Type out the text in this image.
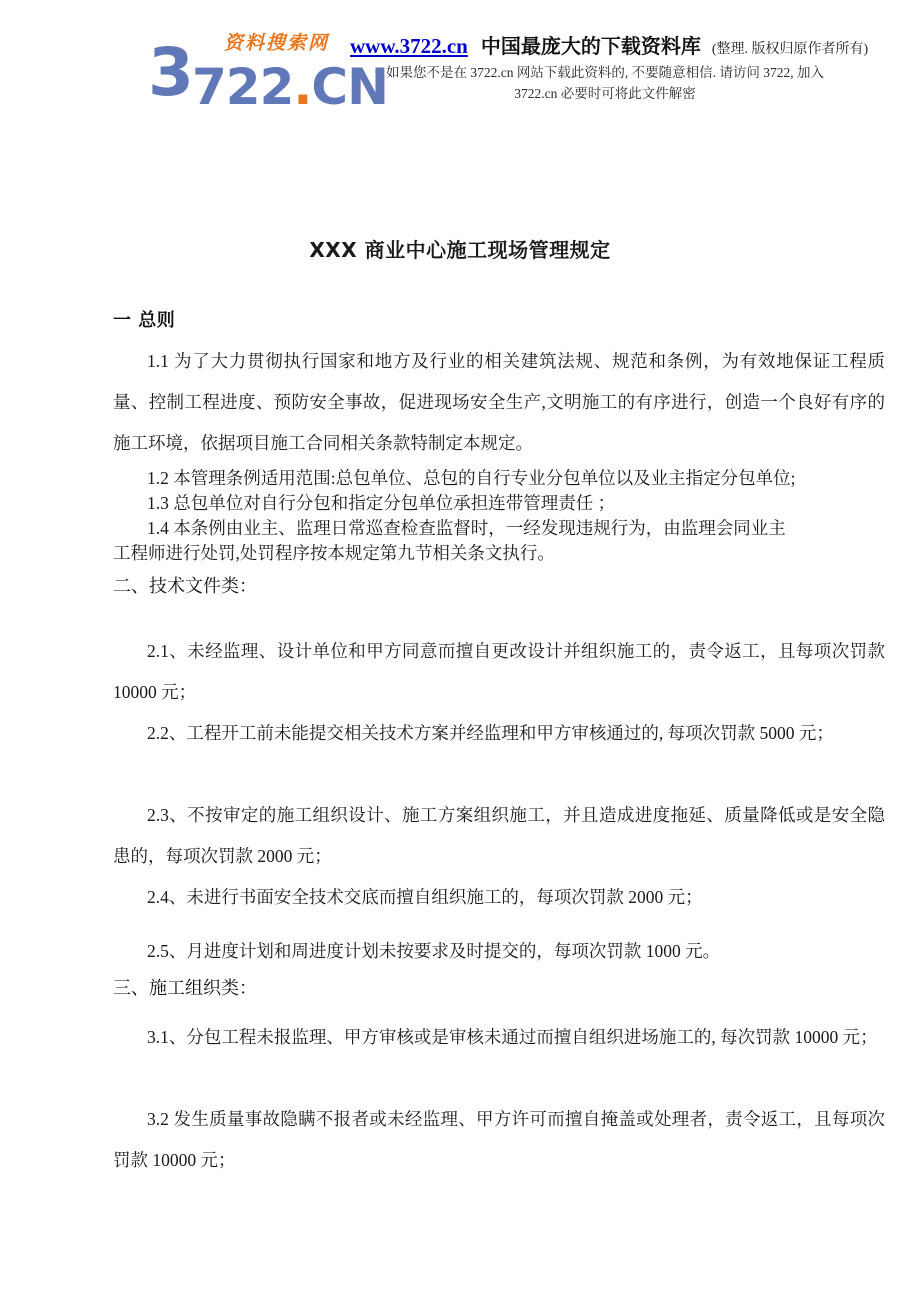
3 资料搜索网
722.CN
www.3722.cn 中国最庞大的下载资料库 (整理. 版权归原作者所有)
如果您不是在 3722.cn 网站下载此资料的, 不要随意相信. 请访问 3722, 加入
3722.cn 必要时可将此文件解密
XXX 商业中心施工现场管理规定
一 总则
1.1 为了大力贯彻执行国家和地方及行业的相关建筑法规、规范和条例，为有效地保证工程质量、控制工程进度、预防安全事故，促进现场安全生产,文明施工的有序进行，创造一个良好有序的施工环境，依据项目施工合同相关条款特制定本规定。
1.2 本管理条例适用范围:总包单位、总包的自行专业分包单位以及业主指定分包单位;
1.3 总包单位对自行分包和指定分包单位承担连带管理责任 ；
1.4 本条例由业主、监理日常巡查检查监督时，一经发现违规行为，由监理会同业主
工程师进行处罚,处罚程序按本规定第九节相关条文执行。
二、技术文件类：
2.1、未经监理、设计单位和甲方同意而擅自更改设计并组织施工的，责令返工，且每项次罚款 10000 元；
2.2、工程开工前未能提交相关技术方案并经监理和甲方审核通过的, 每项次罚款 5000 元；
2.3、不按审定的施工组织设计、施工方案组织施工，并且造成进度拖延、质量降低或是安全隐患的，每项次罚款 2000 元；
2.4、未进行书面安全技术交底而擅自组织施工的，每项次罚款 2000 元；
2.5、月进度计划和周进度计划未按要求及时提交的，每项次罚款 1000 元。
三、施工组织类：
3.1、分包工程未报监理、甲方审核或是审核未通过而擅自组织进场施工的, 每次罚款 10000 元；
3.2 发生质量事故隐瞒不报者或未经监理、甲方许可而擅自掩盖或处理者，责令返工，且每项次罚款 10000 元；
